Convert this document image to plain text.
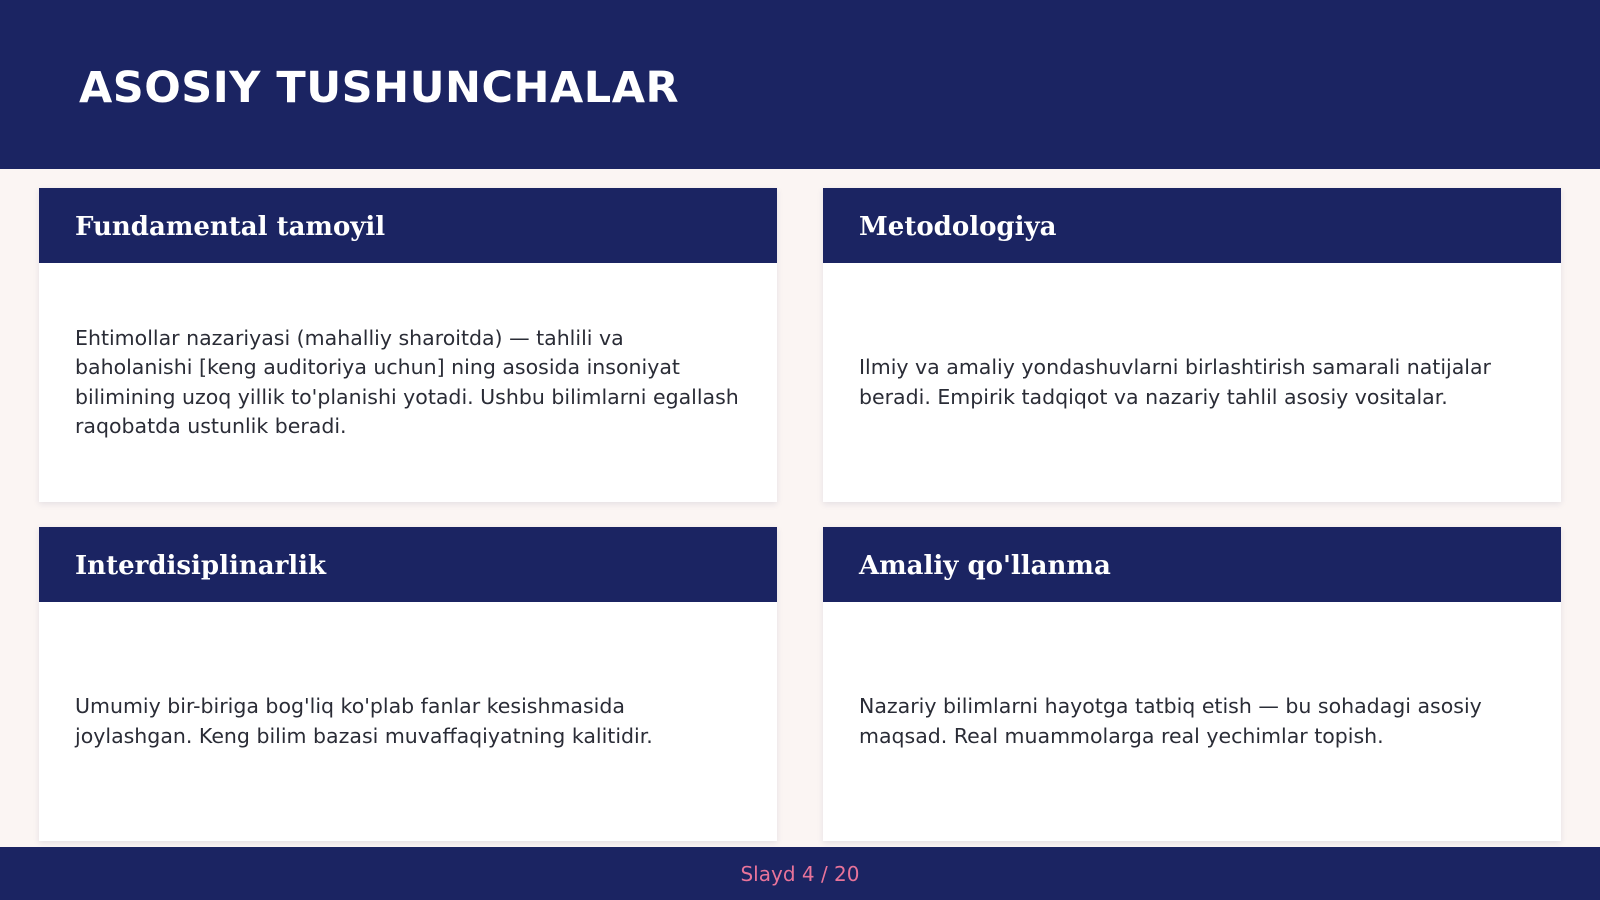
ASOSIY TUSHUNCHALAR
Fundamental tamoyil

Ehtimollar nazariyasi (mahalliy sharoitda) — tahlili va baholanishi [keng auditoriya uchun] ning asosida insoniyat bilimining uzoq yillik to'planishi yotadi. Ushbu bilimlarni egallash raqobatda ustunlik beradi.

Metodologiya

Ilmiy va amaliy yondashuvlarni birlashtirish samarali natijalar beradi. Empirik tadqiqot va nazariy tahlil asosiy vositalar.

Interdisiplinarlik

Umumiy bir-biriga bog'liq ko'plab fanlar kesishmasida joylashgan. Keng bilim bazasi muvaffaqiyatning kalitidir.

Amaliy qo'llanma

Nazariy bilimlarni hayotga tatbiq etish — bu sohadagi asosiy maqsad. Real muammolarga real yechimlar topish.

Slayd 4 / 20
